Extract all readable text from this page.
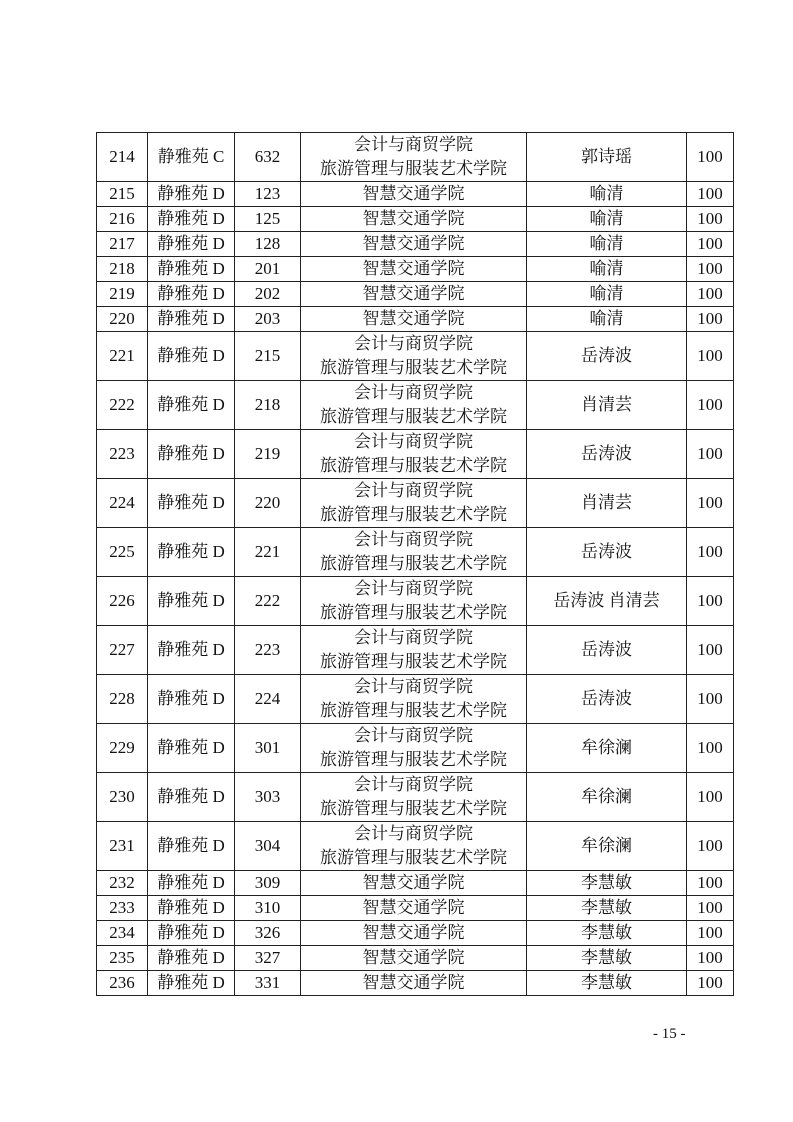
214	静雅苑 C	632	会计与商贸学院
旅游管理与服装艺术学院	郭诗瑶	100
215	静雅苑 D	123	智慧交通学院	喻清	100
216	静雅苑 D	125	智慧交通学院	喻清	100
217	静雅苑 D	128	智慧交通学院	喻清	100
218	静雅苑 D	201	智慧交通学院	喻清	100
219	静雅苑 D	202	智慧交通学院	喻清	100
220	静雅苑 D	203	智慧交通学院	喻清	100
221	静雅苑 D	215	会计与商贸学院
旅游管理与服装艺术学院	岳涛波	100
222	静雅苑 D	218	会计与商贸学院
旅游管理与服装艺术学院	肖清芸	100
223	静雅苑 D	219	会计与商贸学院
旅游管理与服装艺术学院	岳涛波	100
224	静雅苑 D	220	会计与商贸学院
旅游管理与服装艺术学院	肖清芸	100
225	静雅苑 D	221	会计与商贸学院
旅游管理与服装艺术学院	岳涛波	100
226	静雅苑 D	222	会计与商贸学院
旅游管理与服装艺术学院	岳涛波 肖清芸	100
227	静雅苑 D	223	会计与商贸学院
旅游管理与服装艺术学院	岳涛波	100
228	静雅苑 D	224	会计与商贸学院
旅游管理与服装艺术学院	岳涛波	100
229	静雅苑 D	301	会计与商贸学院
旅游管理与服装艺术学院	牟徐澜	100
230	静雅苑 D	303	会计与商贸学院
旅游管理与服装艺术学院	牟徐澜	100
231	静雅苑 D	304	会计与商贸学院
旅游管理与服装艺术学院	牟徐澜	100
232	静雅苑 D	309	智慧交通学院	李慧敏	100
233	静雅苑 D	310	智慧交通学院	李慧敏	100
234	静雅苑 D	326	智慧交通学院	李慧敏	100
235	静雅苑 D	327	智慧交通学院	李慧敏	100
236	静雅苑 D	331	智慧交通学院	李慧敏	100
- 15 -
